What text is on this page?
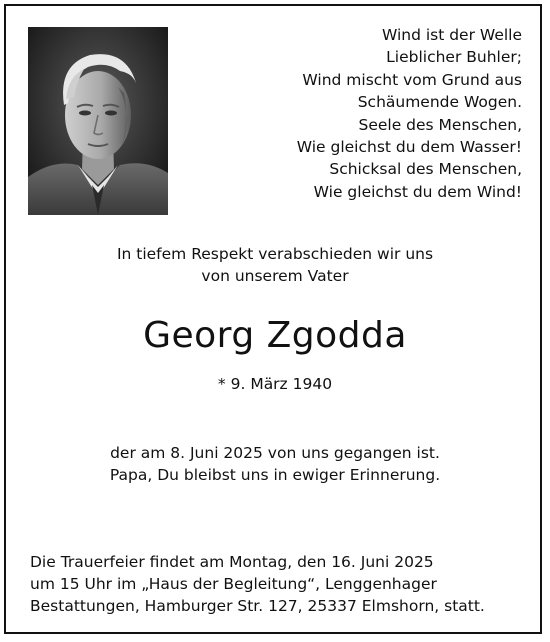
Wind ist der Welle
Lieblicher Buhler;
Wind mischt vom Grund aus
Schäumende Wogen.
Seele des Menschen,
Wie gleichst du dem Wasser!
Schicksal des Menschen,
Wie gleichst du dem Wind!
In tiefem Respekt verabschieden wir uns
von unserem Vater
Georg Zgodda
* 9. März 1940
der am 8. Juni 2025 von uns gegangen ist.
Papa, Du bleibst uns in ewiger Erinnerung.
Die Trauerfeier findet am Montag, den 16. Juni 2025
um 15 Uhr im „Haus der Begleitung“, Lenggenhager
Bestattungen, Hamburger Str. 127, 25337 Elmshorn, statt.
